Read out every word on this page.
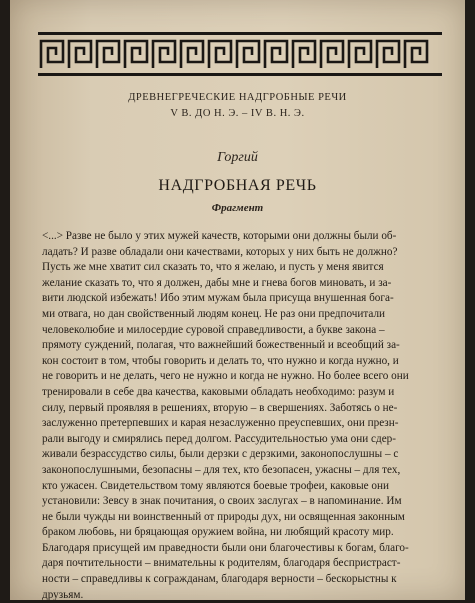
ДРЕВНЕГРЕЧЕСКИЕ НАДГРОБНЫЕ РЕЧИ
V В. ДО Н. Э. – IV В. Н. Э.
Горгий
НАДГРОБНАЯ РЕЧЬ
Фрагмент
<...> Разве не было у этих мужей качеств, которыми они должны были об-
ладать? И разве обладали они качествами, которых у них быть не должно?
Пусть же мне хватит сил сказать то, что я желаю, и пусть у меня явится
желание сказать то, что я должен, дабы мне и гнева богов миновать, и за-
вити людской избежать! Ибо этим мужам была присуща внушенная бога-
ми отвага, но дан свойственный людям конец. Не раз они предпочитали
человеколюбие и милосердие суровой справедливости, а букве закона –
прямоту суждений, полагая, что важнейший божественный и всеобщий за-
кон состоит в том, чтобы говорить и делать то, что нужно и когда нужно, и
не говорить и не делать, чего не нужно и когда не нужно. Но более всего они
тренировали в себе два качества, каковыми обладать необходимо: разум и
силу, первый проявляя в решениях, вторую – в свершениях. Заботясь о не-
заслуженно претерпевших и карая незаслуженно преуспевших, они презн-
рали выгоду и смирялись перед долгом. Рассудительностью ума они сдер-
живали безрассудство силы, были дерзки с дерзкими, законопослушны – с
законопослушными, безопасны – для тех, кто безопасен, ужасны – для тех,
кто ужасен. Свидетельством тому являются боевые трофеи, каковые они
установили: Зевсу в знак почитания, о своих заслугах – в напоминание. Им
не были чужды ни воинственный от природы дух, ни освященная законным
браком любовь, ни бряцающая оружием война, ни любящий красоту мир.
Благодаря присущей им праведности были они благочестивы к богам, благо-
даря почтительности – внимательны к родителям, благодаря беспристраст-
ности – справедливы к согражданам, благодаря верности – бескорыстны к
друзьям.
